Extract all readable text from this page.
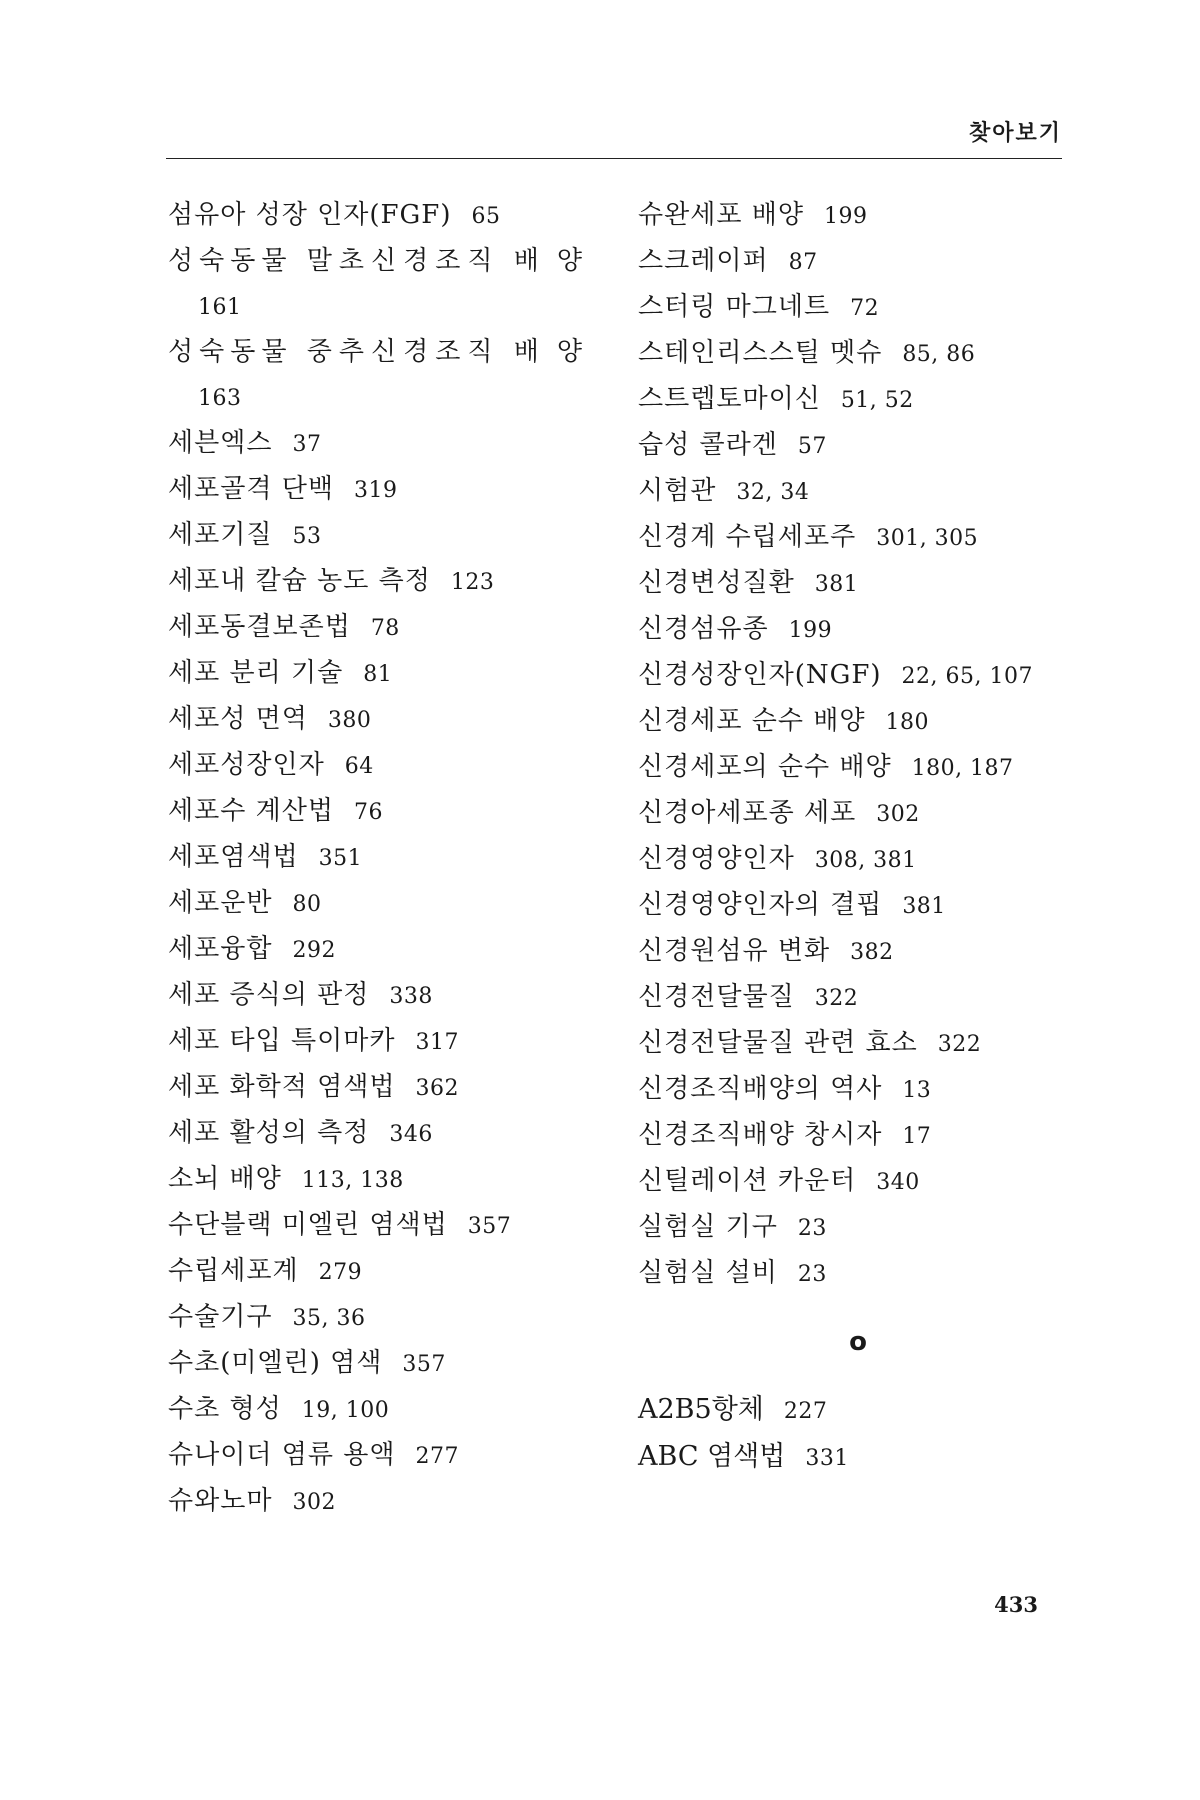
찾아보기
섬유아 성장 인자(FGF) 65
성숙동물 말초신경조직 배양
161
성숙동물 중추신경조직 배양
163
세븐엑스 37
세포골격 단백 319
세포기질 53
세포내 칼슘 농도 측정 123
세포동결보존법 78
세포 분리 기술 81
세포성 면역 380
세포성장인자 64
세포수 계산법 76
세포염색법 351
세포운반 80
세포융합 292
세포 증식의 판정 338
세포 타입 특이마카 317
세포 화학적 염색법 362
세포 활성의 측정 346
소뇌 배양 113, 138
수단블랙 미엘린 염색법 357
수립세포계 279
수술기구 35, 36
수초(미엘린) 염색 357
수초 형성 19, 100
슈나이더 염류 용액 277
슈와노마 302
슈완세포 배양 199
스크레이퍼 87
스터링 마그네트 72
스테인리스스틸 멧슈 85, 86
스트렙토마이신 51, 52
습성 콜라겐 57
시험관 32, 34
신경계 수립세포주 301, 305
신경변성질환 381
신경섬유종 199
신경성장인자(NGF) 22, 65, 107
신경세포 순수 배양 180
신경세포의 순수 배양 180, 187
신경아세포종 세포 302
신경영양인자 308, 381
신경영양인자의 결핍 381
신경원섬유 변화 382
신경전달물질 322
신경전달물질 관련 효소 322
신경조직배양의 역사 13
신경조직배양 창시자 17
신틸레이션 카운터 340
실험실 기구 23
실험실 설비 23
o
A2B5항체 227
ABC 염색법 331
433
